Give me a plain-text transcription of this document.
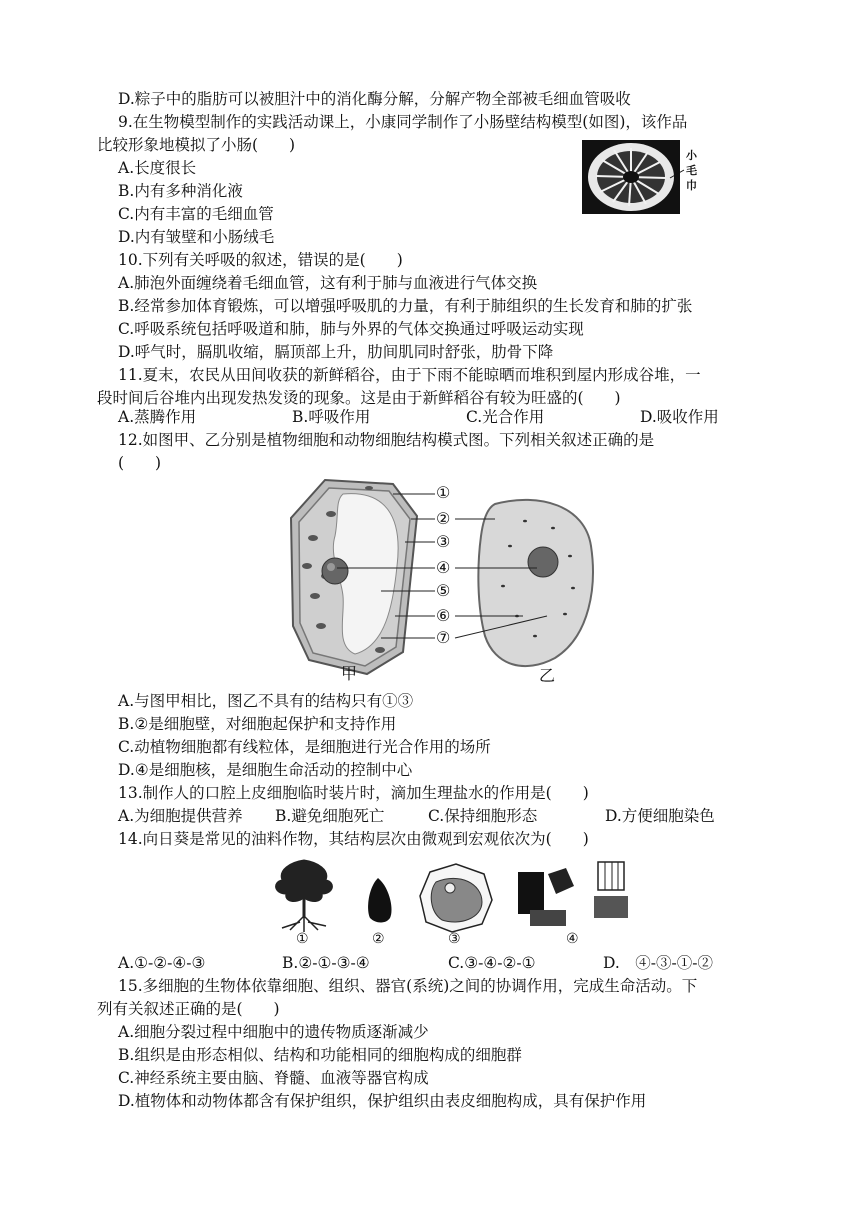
D.粽子中的脂肪可以被胆汁中的消化酶分解，分解产物全部被毛细血管吸收
9.在生物模型制作的实践活动课上，小康同学制作了小肠壁结构模型(如图)，该作品
比较形象地模拟了小肠(　　)
A.长度很长
B.内有多种消化液
C.内有丰富的毛细血管
D.内有皱壁和小肠绒毛
小毛巾
10.下列有关呼吸的叙述，错误的是(　　)
A.肺泡外面缠绕着毛细血管，这有利于肺与血液进行气体交换
B.经常参加体育锻炼，可以增强呼吸肌的力量，有利于肺组织的生长发育和肺的扩张
C.呼吸系统包括呼吸道和肺，肺与外界的气体交换通过呼吸运动实现
D.呼气时，膈肌收缩，膈顶部上升，肋间肌同时舒张，肋骨下降
11.夏末，农民从田间收获的新鲜稻谷，由于下雨不能晾晒而堆积到屋内形成谷堆，一
段时间后谷堆内出现发热发烫的现象。这是由于新鲜稻谷有较为旺盛的(　　)
A.蒸腾作用	B.呼吸作用	C.光合作用	D.吸收作用
12.如图甲、乙分别是植物细胞和动物细胞结构模式图。下列相关叙述正确的是
(　　)
①
②
③
④
⑤
⑥
⑦
甲	乙
A.与图甲相比，图乙不具有的结构只有①③
B.②是细胞壁，对细胞起保护和支持作用
C.动植物细胞都有线粒体，是细胞进行光合作用的场所
D.④是细胞核，是细胞生命活动的控制中心
13.制作人的口腔上皮细胞临时装片时，滴加生理盐水的作用是(　　)
A.为细胞提供营养 B.避免细胞死亡	C.保持细胞形态	D.方便细胞染色
14.向日葵是常见的油料作物，其结构层次由微观到宏观依次为(　　)
①	②	③	④
A.①-②-④-③	B.②-①-③-④	C.③-④-②-①	D.　④-③-①-②
15.多细胞的生物体依靠细胞、组织、器官(系统)之间的协调作用，完成生命活动。下
列有关叙述正确的是(　　)
A.细胞分裂过程中细胞中的遗传物质逐渐减少
B.组织是由形态相似、结构和功能相同的细胞构成的细胞群
C.神经系统主要由脑、脊髓、血液等器官构成
D.植物体和动物体都含有保护组织，保护组织由表皮细胞构成，具有保护作用
